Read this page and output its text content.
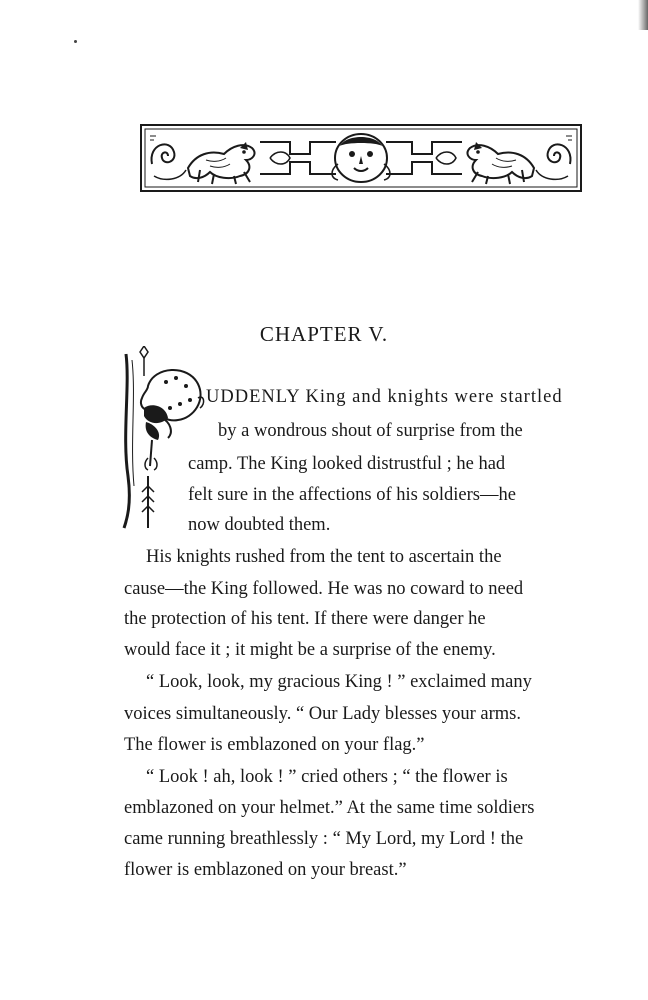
CHAPTER V.
UDDENLY King and knights were startled
by a wondrous shout of surprise from the
camp. The King looked distrustful ; he had
felt sure in the affections of his soldiers—he
now doubted them.
His knights rushed from the tent to ascertain the
cause—the King followed. He was no coward to need
the protection of his tent. If there were danger he
would face it ; it might be a surprise of the enemy.
“ Look, look, my gracious King ! ” exclaimed many
voices simultaneously. “ Our Lady blesses your arms.
The flower is emblazoned on your flag.”
“ Look ! ah, look ! ” cried others ; “ the flower is
emblazoned on your helmet.” At the same time soldiers
came running breathlessly : “ My Lord, my Lord ! the
flower is emblazoned on your breast.”
